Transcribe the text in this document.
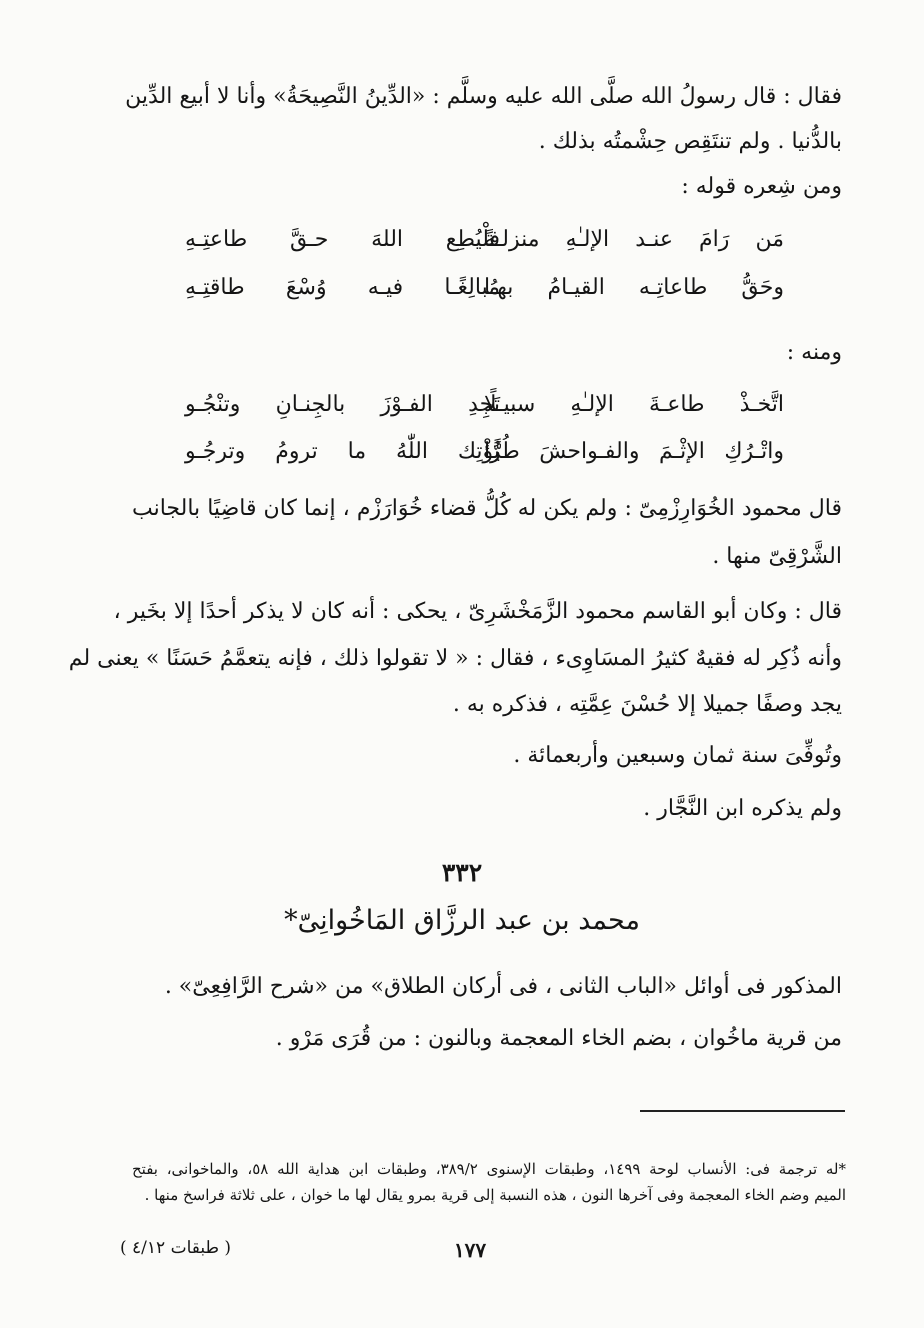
فقال : قال رسولُ الله صلَّى الله عليه وسلَّم : «الدِّينُ النَّصِيحَةُ» وأنا لا أبيع الدِّين
بالدُّنيا . ولم تنتَقِص حِشْمتُه بذلك .
ومن شِعره قوله :
مَن رَامَ عنـد الإلـٰهِ منزلـةً
فلْيُطِع اللهَ حـقَّ طاعتِـهِ
وحَقُّ طاعاتِـه القيـامُ بهـا
مُبالِغًـا فيـه وُسْعَ طاقتِـهِ
ومنه :
اتَّخـذْ طاعـةَ الإلـٰهِ سبيـلًا
تَجِدِ الفـوْزَ بالجِنـانِ وتنْجُـو
واتْـرُكِ الإثْـمَ والفـواحشَ طُرًّا
يُؤْتِك اللّٰهُ ما ترومُ وترجُـو
قال محمود الخُوَارِزْمِىّ : ولم يكن له كُلُّ قضاء خُوَارَزْم ، إنما كان قاضِيًا بالجانب
الشَّرْقِىّ منها .
قال : وكان أبو القاسم محمود الزَّمَخْشَرِىّ ، يحكى : أنه كان لا يذكر أحدًا إلا بخَير ،
وأنه ذُكِر له فقيهٌ كثيرُ المسَاوِىء ، فقال : « لا تقولوا ذلك ، فإنه يتعمَّمُ حَسَنًا » يعنى لم
يجد وصفًا جميلا إلا حُسْنَ عِمَّتِه ، فذكره به .
وتُوفِّىَ سنة ثمان وسبعين وأربعمائة .
ولم يذكره ابن النَّجَّار .
٣٣٢
محمد بن عبد الرزَّاق المَاخُوانِىّ*
المذكور فى أوائل «الباب الثانى ، فى أركان الطلاق» من «شرح الرَّافِعِىّ» .
من قرية ماخُوان ، بضم الخاء المعجمة وبالنون : من قُرَى مَرْو .
*له ترجمة فى: الأنساب لوحة ١٤٩٩، وطبقات الإسنوى ٣٨٩/٢، وطبقات ابن هداية الله ٥٨، والماخوانى، بفتح
الميم وضم الخاء المعجمة وفى آخرها النون ، هذه النسبة إلى قرية بمرو يقال لها ما خوان ، على ثلاثة فراسخ منها .
١٧٧
( طبقات ٤/١٢ )
